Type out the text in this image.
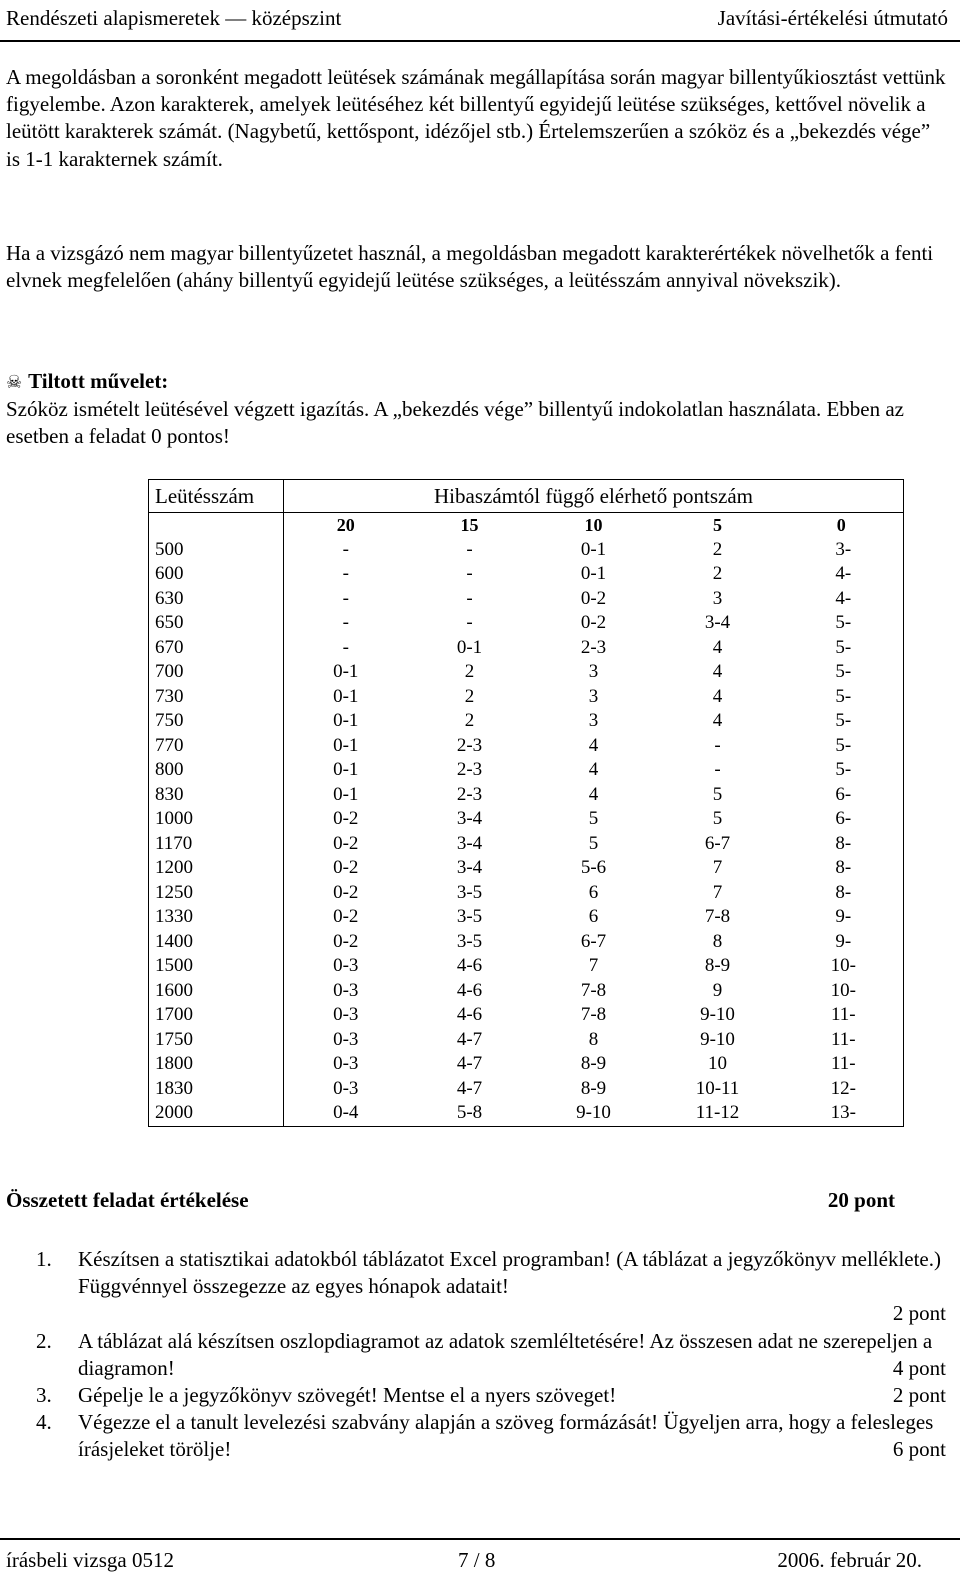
Rendészeti alapismeretek — középszint	Javítási-értékelési útmutató
A megoldásban a soronként megadott leütések számának megállapítása során magyar billentyűkiosztást vettünk figyelembe. Azon karakterek, amelyek leütéséhez két billentyű egyidejű leütése szükséges, kettővel növelik a leütött karakterek számát. (Nagybetű, kettőspont, idézőjel stb.) Értelemszerűen a szóköz és a „bekezdés vége” is 1-1 karakternek számít.
Ha a vizsgázó nem magyar billentyűzetet használ, a megoldásban megadott karakterértékek növelhetők a fenti elvnek megfelelően (ahány billentyű egyidejű leütése szükséges, a leütésszám annyival növekszik).
☠ Tiltott művelet:
Szóköz ismételt leütésével végzett igazítás. A „bekezdés vége” billentyű indokolatlan használata. Ebben az esetben a feladat 0 pontos!
Leütésszám	Hibaszámtól függő elérhető pontszám				
	20	15	10	5	0
500	-	-	0-1	2	3-
600	-	-	0-1	2	4-
630	-	-	0-2	3	4-
650	-	-	0-2	3-4	5-
670	-	0-1	2-3	4	5-
700	0-1	2	3	4	5-
730	0-1	2	3	4	5-
750	0-1	2	3	4	5-
770	0-1	2-3	4	-	5-
800	0-1	2-3	4	-	5-
830	0-1	2-3	4	5	6-
1000	0-2	3-4	5	5	6-
1170	0-2	3-4	5	6-7	8-
1200	0-2	3-4	5-6	7	8-
1250	0-2	3-5	6	7	8-
1330	0-2	3-5	6	7-8	9-
1400	0-2	3-5	6-7	8	9-
1500	0-3	4-6	7	8-9	10-
1600	0-3	4-6	7-8	9	10-
1700	0-3	4-6	7-8	9-10	11-
1750	0-3	4-7	8	9-10	11-
1800	0-3	4-7	8-9	10	11-
1830	0-3	4-7	8-9	10-11	12-
2000	0-4	5-8	9-10	11-12	13-
Összetett feladat értékelése	20 pont
1. Készítsen a statisztikai adatokból táblázatot Excel programban! (A táblázat a jegyzőkönyv melléklete.) Függvénnyel összegezze az egyes hónapok adatait!
2 pont
2. A táblázat alá készítsen oszlopdiagramot az adatok szemléltetésére! Az összesen adat ne szerepeljen a diagramon!	4 pont
3. Gépelje le a jegyzőkönyv szövegét! Mentse el a nyers szöveget!	2 pont
4. Végezze el a tanult levelezési szabvány alapján a szöveg formázását! Ügyeljen arra, hogy a felesleges írásjeleket törölje!	6 pont
írásbeli vizsga 0512	7 / 8	2006. február 20.
